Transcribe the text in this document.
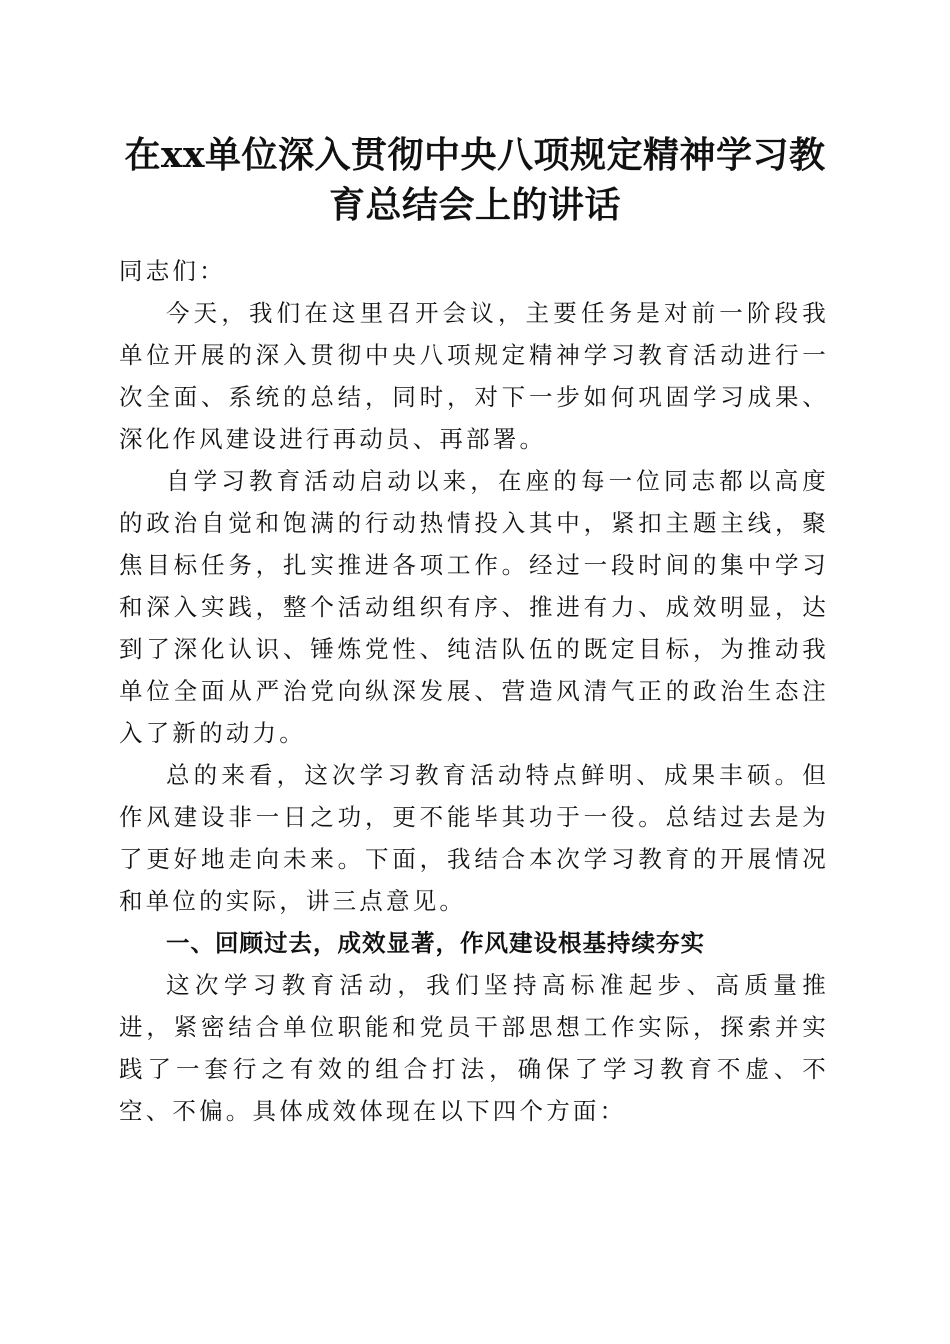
在xx单位深入贯彻中央八项规定精神学习教育总结会上的讲话

同志们：

今天，我们在这里召开会议，主要任务是对前一阶段我单位开展的深入贯彻中央八项规定精神学习教育活动进行一次全面、系统的总结，同时，对下一步如何巩固学习成果、深化作风建设进行再动员、再部署。

自学习教育活动启动以来，在座的每一位同志都以高度的政治自觉和饱满的行动热情投入其中，紧扣主题主线，聚焦目标任务，扎实推进各项工作。经过一段时间的集中学习和深入实践，整个活动组织有序、推进有力、成效明显，达到了深化认识、锤炼党性、纯洁队伍的既定目标，为推动我单位全面从严治党向纵深发展、营造风清气正的政治生态注入了新的动力。

总的来看，这次学习教育活动特点鲜明、成果丰硕。但作风建设非一日之功，更不能毕其功于一役。总结过去是为了更好地走向未来。下面，我结合本次学习教育的开展情况和单位的实际，讲三点意见。

一、回顾过去，成效显著，作风建设根基持续夯实

这次学习教育活动，我们坚持高标准起步、高质量推进，紧密结合单位职能和党员干部思想工作实际，探索并实践了一套行之有效的组合打法，确保了学习教育不虚、不空、不偏。具体成效体现在以下四个方面：
